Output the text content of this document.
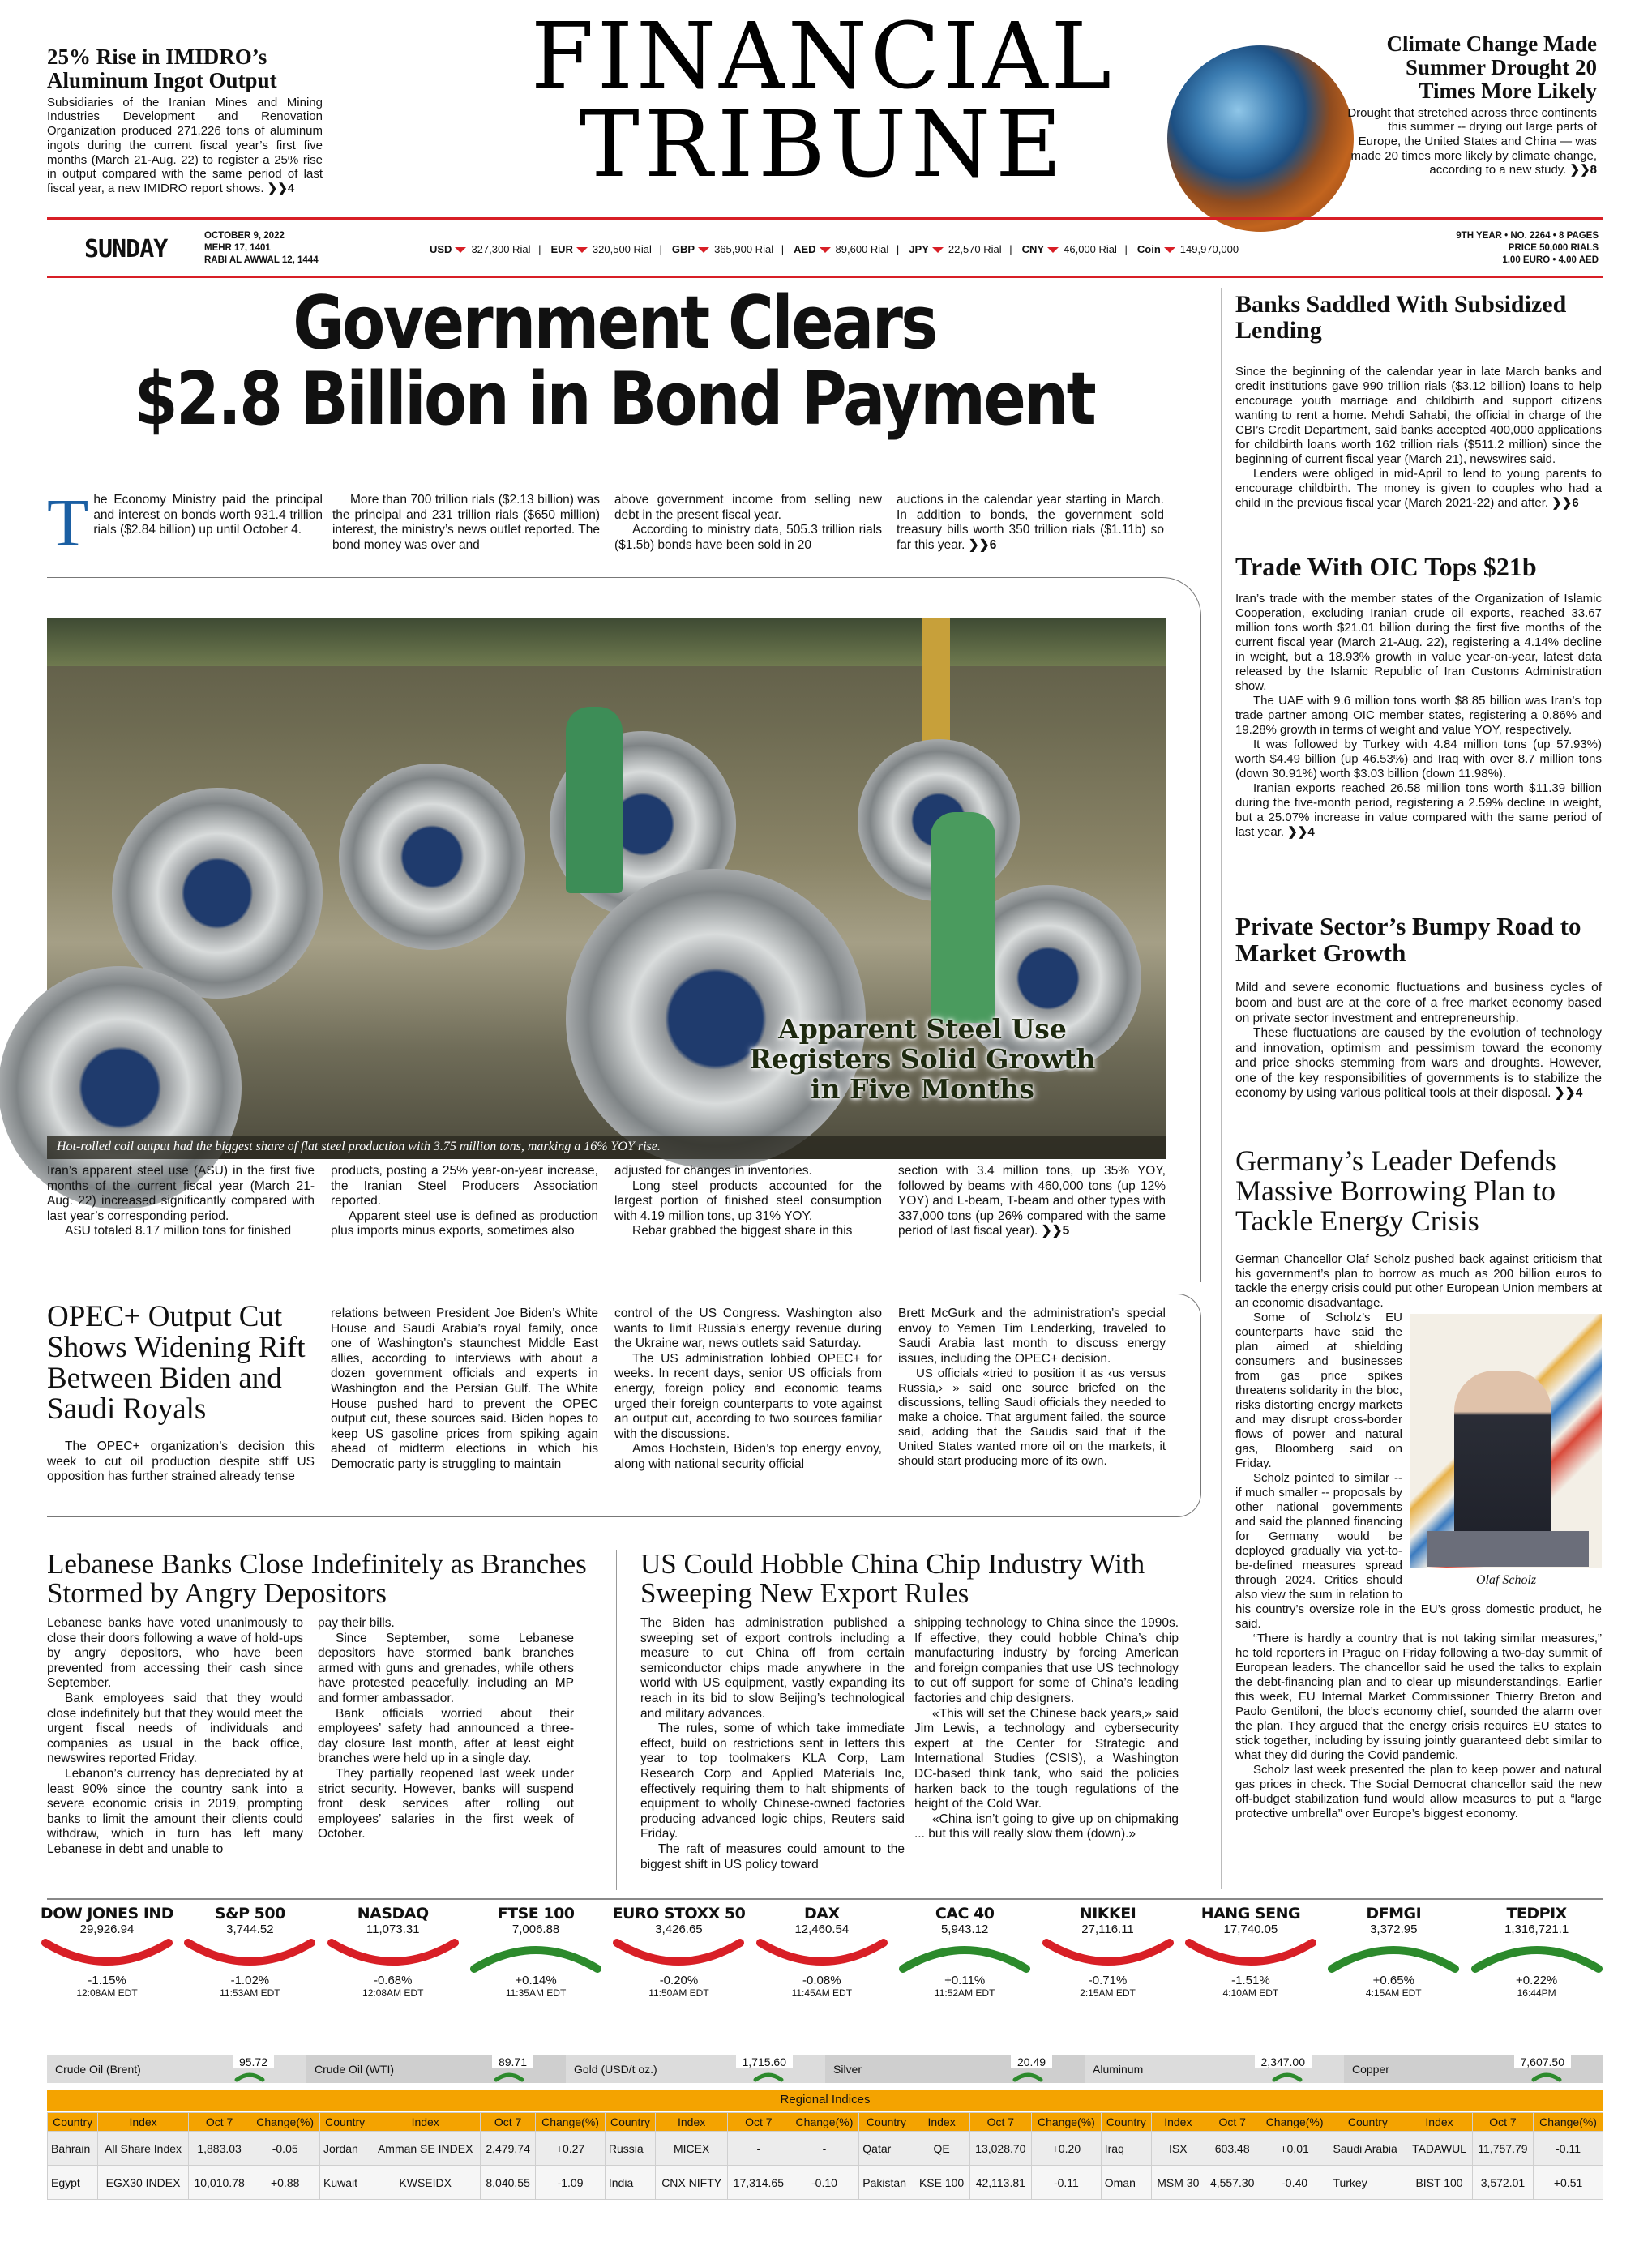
25% Rise in IMIDRO’s Aluminum Ingot Output
Subsidiaries of the Iranian Mines and Mining Industries Development and Renovation Organization produced 271,226 tons of aluminum ingots during the current fiscal year’s first five months (March 21-Aug. 22) to register a 25% rise in output compared with the same period of last fiscal year, a new IMIDRO report shows. ❯❯4
FINANCIAL
TRIBUNE
Climate Change Made Summer Drought 20 Times More Likely
Drought that stretched across three continents this summer -- drying out large parts of Europe, the United States and China — was made 20 times more likely by climate change, according to a new study. ❯❯8
SUNDAY	OCTOBER 9, 2022
MEHR 17, 1401
RABI AL AWWAL 12, 1444
USD 327,300 Rial | EUR 320,500 Rial | GBP 365,900 Rial | AED 89,600 Rial | JPY 22,570 Rial | CNY 46,000 Rial | Coin 149,970,000
9TH YEAR • NO. 2264 • 8 PAGES
PRICE 50,000 RIALS
1.00 EURO • 4.00 AED
Government Clears
$2.8 Billion in Bond Payment
T he Economy Ministry paid the principal and interest on bonds worth 931.4 trillion rials ($2.84 billion) up until October 4.

More than 700 trillion rials ($2.13 billion) was the principal and 231 trillion rials ($650 million) interest, the ministry’s news outlet reported. The bond money was over and

above government income from selling new debt in the present fiscal year.

According to ministry data, 505.3 trillion rials ($1.5b) bonds have been sold in 20

auctions in the calendar year starting in March. In addition to bonds, the government sold treasury bills worth 350 trillion rials ($1.11b) so far this year. ❯❯6
Apparent Steel Use
Registers Solid Growth
in Five Months
Hot-rolled coil output had the biggest share of flat steel production with 3.75 million tons, marking a 16% YOY rise.
Iran’s apparent steel use (ASU) in the first five months of the current fiscal year (March 21-Aug. 22) increased significantly compared with last year’s corresponding period.

ASU totaled 8.17 million tons for finished

products, posting a 25% year-on-year increase, the Iranian Steel Producers Association reported.

Apparent steel use is defined as production plus imports minus exports, sometimes also

adjusted for changes in inventories.

Long steel products accounted for the largest portion of finished steel consumption with 4.19 million tons, up 31% YOY.

Rebar grabbed the biggest share in this

section with 3.4 million tons, up 35% YOY, followed by beams with 460,000 tons (up 12% YOY) and L-beam, T-beam and other types with 337,000 tons (up 26% compared with the same period of last fiscal year). ❯❯5
OPEC+ Output Cut Shows Widening Rift Between Biden and Saudi Royals

The OPEC+ organization’s decision this week to cut oil production despite stiff US opposition has further strained already tense

relations between President Joe Biden’s White House and Saudi Arabia’s royal family, once one of Washington’s staunchest Middle East allies, according to interviews with about a dozen government officials and experts in Washington and the Persian Gulf. The White House pushed hard to prevent the OPEC output cut, these sources said. Biden hopes to keep US gasoline prices from spiking again ahead of midterm elections in which his Democratic party is struggling to maintain
control of the US Congress. Washington also wants to limit Russia’s energy revenue during the Ukraine war, news outlets said Saturday.

The US administration lobbied OPEC+ for weeks. In recent days, senior US officials from energy, foreign policy and economic teams urged their foreign counterparts to vote against an output cut, according to two sources familiar with the discussions.

Amos Hochstein, Biden’s top energy envoy, along with national security official

Brett McGurk and the administration’s special envoy to Yemen Tim Lenderking, traveled to Saudi Arabia last month to discuss energy issues, including the OPEC+ decision.

US officials «tried to position it as ‹us versus Russia,› » said one source briefed on the discussions, telling Saudi officials they needed to make a choice. That argument failed, the source said, adding that the Saudis said that if the United States wanted more oil on the markets, it should start producing more of its own.

Lebanese Banks Close Indefinitely as Branches Stormed by Angry Depositors
Lebanese banks have voted unanimously to close their doors following a wave of hold-ups by angry depositors, who have been prevented from accessing their cash since September.

Bank employees said that they would close indefinitely but that they would meet the urgent fiscal needs of individuals and companies as usual in the back office, newswires reported Friday.

Lebanon’s currency has depreciated by at least 90% since the country sank into a severe economic crisis in 2019, prompting banks to limit the amount their clients could withdraw, which in turn has left many Lebanese in debt and unable to

pay their bills.

Since September, some Lebanese depositors have stormed bank branches armed with guns and grenades, while others have protested peacefully, including an MP and former ambassador.

Bank officials worried about their employees’ safety had announced a three-day closure last month, after at least eight branches were held up in a single day.

They partially reopened last week under strict security. However, banks will suspend front desk services after rolling out employees’ salaries in the first week of October.

US Could Hobble China Chip Industry With Sweeping New Export Rules
The Biden has administration published a sweeping set of export controls including a measure to cut China off from certain semiconductor chips made anywhere in the world with US equipment, vastly expanding its reach in its bid to slow Beijing’s technological and military advances.

The rules, some of which take immediate effect, build on restrictions sent in letters this year to top toolmakers KLA Corp, Lam Research Corp and Applied Materials Inc, effectively requiring them to halt shipments of equipment to wholly Chinese-owned factories producing advanced logic chips, Reuters said Friday.

The raft of measures could amount to the biggest shift in US policy toward

shipping technology to China since the 1990s. If effective, they could hobble China’s chip manufacturing industry by forcing American and foreign companies that use US technology to cut off support for some of China’s leading factories and chip designers.

«This will set the Chinese back years,» said Jim Lewis, a technology and cybersecurity expert at the Center for Strategic and International Studies (CSIS), a Washington DC-based think tank, who said the policies harken back to the tough regulations of the height of the Cold War.

«China isn’t going to give up on chipmaking ... but this will really slow them (down).»

Banks Saddled With Subsidized Lending
Since the beginning of the calendar year in late March banks and credit institutions gave 990 trillion rials ($3.12 billion) loans to help encourage youth marriage and childbirth and support citizens wanting to rent a home. Mehdi Sahabi, the official in charge of the CBI’s Credit Department, said banks accepted 400,000 applications for childbirth loans worth 162 trillion rials ($511.2 million) since the beginning of current fiscal year (March 21), newswires said.

Lenders were obliged in mid-April to lend to young parents to encourage childbirth. The money is given to couples who had a child in the previous fiscal year (March 2021-22) and after. ❯❯6

Trade With OIC Tops $21b
Iran’s trade with the member states of the Organization of Islamic Cooperation, excluding Iranian crude oil exports, reached 33.67 million tons worth $21.01 billion during the first five months of the current fiscal year (March 21-Aug. 22), registering a 4.14% decline in weight, but a 18.93% growth in value year-on-year, latest data released by the Islamic Republic of Iran Customs Administration show.

The UAE with 9.6 million tons worth $8.85 billion was Iran’s top trade partner among OIC member states, registering a 0.86% and 19.28% growth in terms of weight and value YOY, respectively.

It was followed by Turkey with 4.84 million tons (up 57.93%) worth $4.49 billion (up 46.53%) and Iraq with over 8.7 million tons (down 30.91%) worth $3.03 billion (down 11.98%).

Iranian exports reached 26.58 million tons worth $11.39 billion during the five-month period, registering a 2.59% decline in weight, but a 25.07% increase in value compared with the same period of last year. ❯❯4

Private Sector’s Bumpy Road to Market Growth
Mild and severe economic fluctuations and business cycles of boom and bust are at the core of a free market economy based on private sector investment and entrepreneurship.

These fluctuations are caused by the evolution of technology and innovation, optimism and pessimism toward the economy and price shocks stemming from wars and droughts. However, one of the key responsibilities of governments is to stabilize the economy by using various political tools at their disposal. ❯❯4

Germany’s Leader Defends Massive Borrowing Plan to Tackle Energy Crisis
German Chancellor Olaf Scholz pushed back against criticism that his government’s plan to borrow as much as 200 billion euros to tackle the energy crisis could put other European Union members at an economic disadvantage.
Olaf Scholz

Some of Scholz’s EU counterparts have said the plan aimed at shielding consumers and businesses from gas price spikes threatens solidarity in the bloc, risks distorting energy markets and may disrupt cross-border flows of power and natural gas, Bloomberg said on Friday.

Scholz pointed to similar -- if much smaller -- proposals by other national governments and said the planned financing for Germany would be deployed gradually via yet-to-be-defined measures spread through 2024. Critics should also view the sum in relation to his country’s oversize role in the EU’s gross domestic product, he said.

“There is hardly a country that is not taking similar measures,” he told reporters in Prague on Friday following a two-day summit of European leaders. The chancellor said he used the talks to explain the debt-financing plan and to clear up misunderstandings. Earlier this week, EU Internal Market Commissioner Thierry Breton and Paolo Gentiloni, the bloc’s economy chief, sounded the alarm over the plan. They argued that the energy crisis requires EU states to stick together, including by issuing jointly guaranteed debt similar to what they did during the Covid pandemic.

Scholz last week presented the plan to keep power and natural gas prices in check. The Social Democrat chancellor said the new off-budget stabilization fund would allow measures to put a “large protective umbrella” over Europe’s biggest economy.

DOW JONES IND
29,926.94
-1.15%
12:08AM EDT
S&P 500
3,744.52
-1.02%
11:53AM EDT
NASDAQ
11,073.31
-0.68%
12:08AM EDT
FTSE 100
7,006.88
+0.14%
11:35AM EDT
EURO STOXX 50
3,426.65
-0.20%
11:50AM EDT
DAX
12,460.54
-0.08%
11:45AM EDT
CAC 40
5,943.12
+0.11%
11:52AM EDT
NIKKEI
27,116.11
-0.71%
2:15AM EDT
HANG SENG
17,740.05
-1.51%
4:10AM EDT
DFMGI
3,372.95
+0.65%
4:15AM EDT
TEDPIX
1,316,721.1
+0.22%
16:44PM
Crude Oil (Brent)
95.72
Crude Oil (WTI)
89.71
Gold (USD/t oz.)
1,715.60
Silver
20.49
Aluminum
2,347.00
Copper
7,607.50
Regional Indices
Country	Index	Oct 7	Change(%)	Country	Index	Oct 7	Change(%)	Country	Index	Oct 7	Change(%)	Country	Index	Oct 7	Change(%)	Country	Index	Oct 7	Change(%)	Country	Index	Oct 7	Change(%)
Bahrain	All Share Index	1,883.03	-0.05	Jordan	Amman SE INDEX	2,479.74	+0.27	Russia	MICEX	-	-	Qatar	QE	13,028.70	+0.20	Iraq	ISX	603.48	+0.01	Saudi Arabia	TADAWUL	11,757.79	-0.11
Egypt	EGX30 INDEX	10,010.78	+0.88	Kuwait	KWSEIDX	8,040.55	-1.09	India	CNX NIFTY	17,314.65	-0.10	Pakistan	KSE 100	42,113.81	-0.11	Oman	MSM 30	4,557.30	-0.40	Turkey	BIST 100	3,572.01	+0.51
